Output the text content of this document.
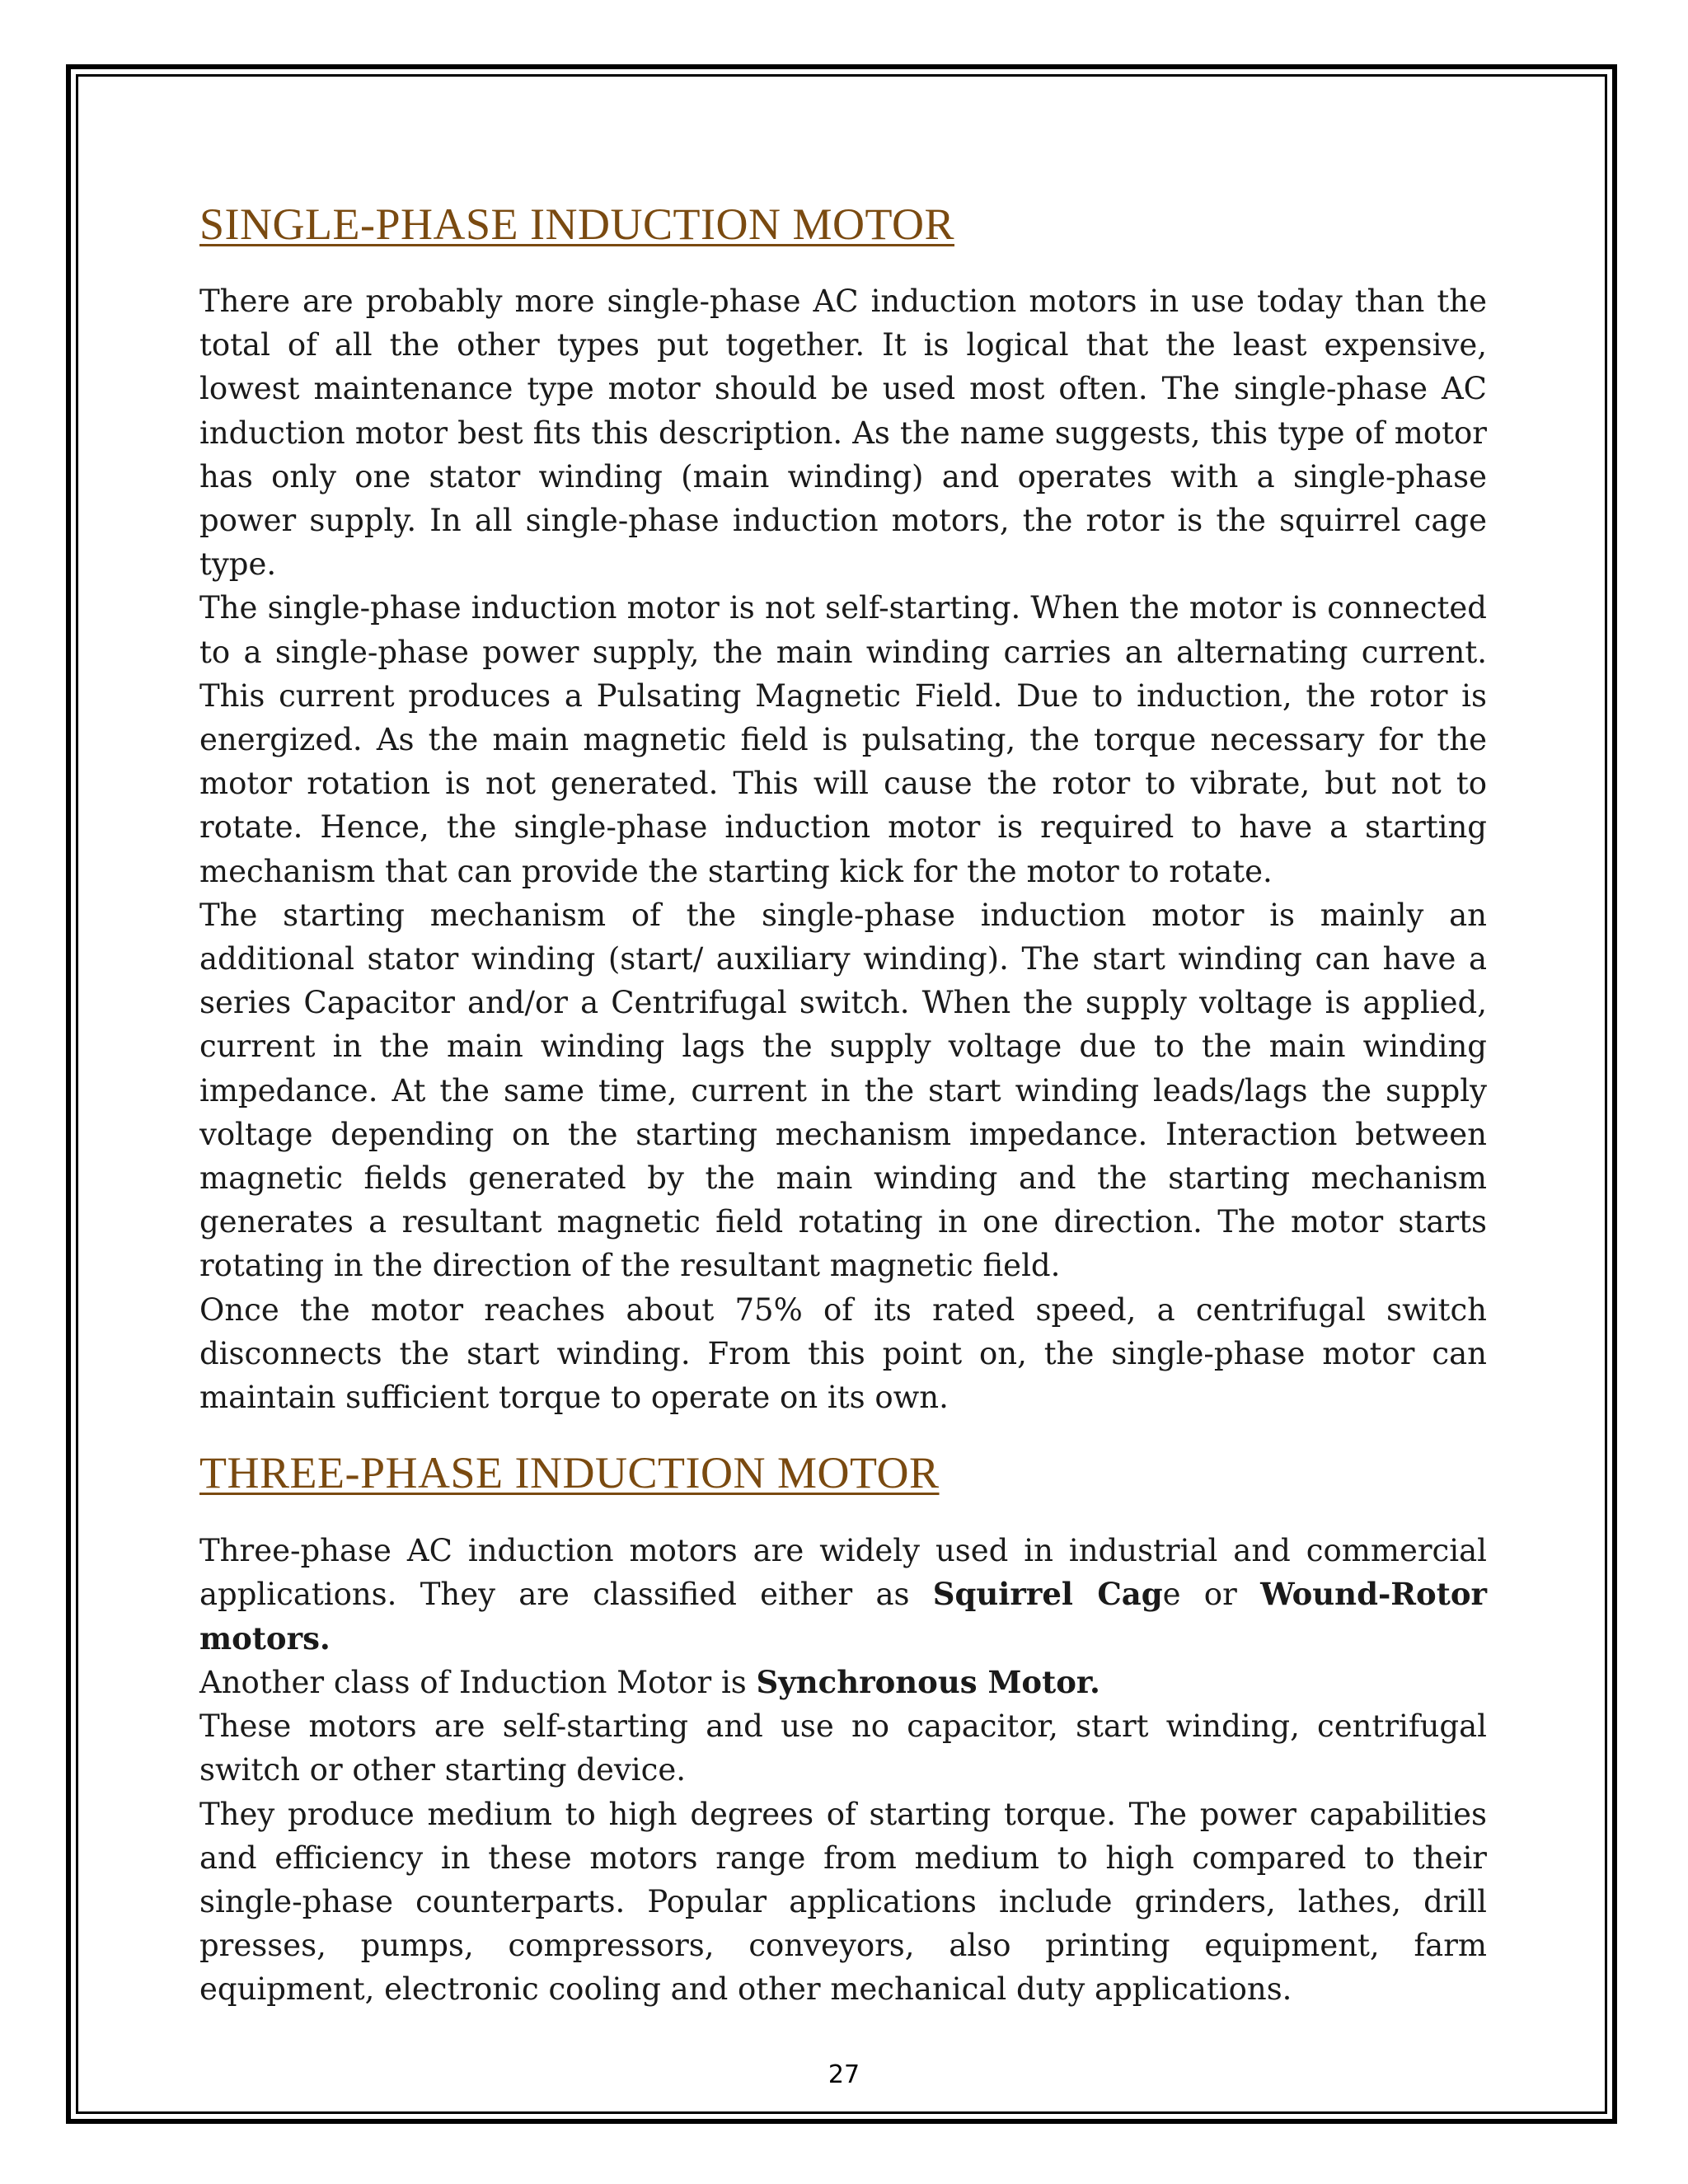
SINGLE-PHASE INDUCTION MOTOR

There are probably more single-phase AC induction motors in use today than the total of all the other types put together. It is logical that the least expensive, lowest maintenance type motor should be used most often. The single-phase AC induction motor best fits this description. As the name suggests, this type of motor has only one stator winding (main winding) and operates with a single-phase power supply. In all single-phase induction motors, the rotor is the squirrel cage type.

The single-phase induction motor is not self-starting. When the motor is connected to a single-phase power supply, the main winding carries an alternating current. This current produces a Pulsating Magnetic Field. Due to induction, the rotor is energized. As the main magnetic field is pulsating, the torque necessary for the motor rotation is not generated. This will cause the rotor to vibrate, but not to rotate. Hence, the single-phase induction motor is required to have a starting mechanism that can provide the starting kick for the motor to rotate.

The starting mechanism of the single-phase induction motor is mainly an additional stator winding (start/ auxiliary winding). The start winding can have a series Capacitor and/or a Centrifugal switch. When the supply voltage is applied, current in the main winding lags the supply voltage due to the main winding impedance. At the same time, current in the start winding leads/lags the supply voltage depending on the starting mechanism impedance. Interaction between magnetic fields generated by the main winding and the starting mechanism generates a resultant magnetic field rotating in one direction. The motor starts rotating in the direction of the resultant magnetic field.

Once the motor reaches about 75% of its rated speed, a centrifugal switch disconnects the start winding. From this point on, the single-phase motor can maintain sufficient torque to operate on its own.

THREE-PHASE INDUCTION MOTOR

Three-phase AC induction motors are widely used in industrial and commercial applications. They are classified either as Squirrel Cage or Wound-Rotor motors.

Another class of Induction Motor is Synchronous Motor.

These motors are self-starting and use no capacitor, start winding, centrifugal switch or other starting device.

They produce medium to high degrees of starting torque. The power capabilities and efficiency in these motors range from medium to high compared to their single-phase counterparts. Popular applications include grinders, lathes, drill presses, pumps, compressors, conveyors, also printing equipment, farm equipment, electronic cooling and other mechanical duty applications.

27
